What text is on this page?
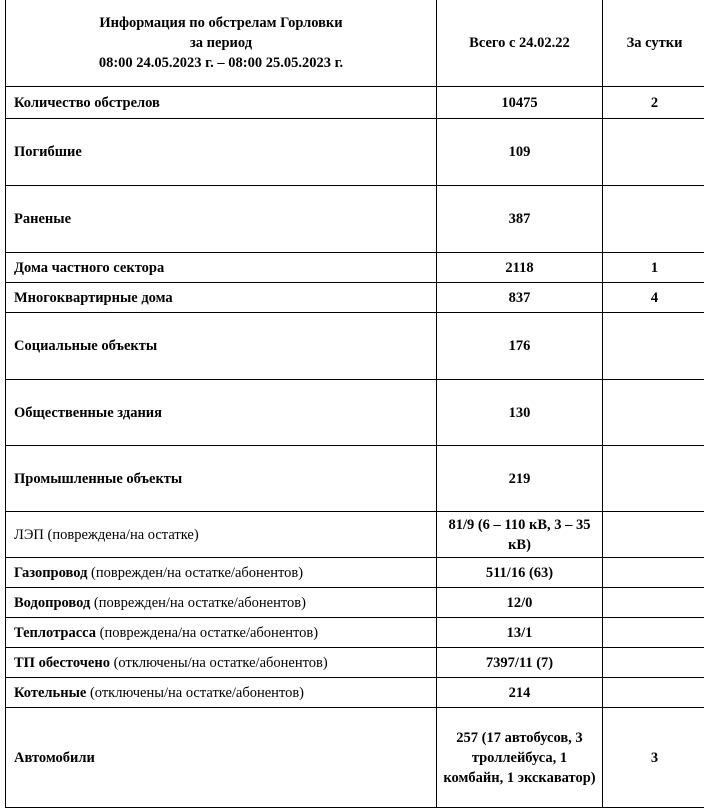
Информация по обстрелам Горловки
за период
08:00 24.05.2023 г. – 08:00 25.05.2023 г.	Всего с 24.02.22	За сутки
Количество обстрелов	10475	2
Погибшие	109	
Раненые	387	
Дома частного сектора	2118	1
Многоквартирные дома	837	4
Социальные объекты	176	
Общественные здания	130	
Промышленные объекты	219	
ЛЭП (повреждена/на остатке)	81/9 (6 – 110 кВ, 3 – 35 кВ)	
Газопровод (поврежден/на остатке/абонентов)	511/16 (63)	
Водопровод (поврежден/на остатке/абонентов)	12/0	
Теплотрасса (повреждена/на остатке/абонентов)	13/1	
ТП обесточено (отключены/на остатке/абонентов)	7397/11 (7)	
Котельные (отключены/на остатке/абонентов)	214	
Автомобили	257 (17 автобусов, 3 троллейбуса, 1 комбайн, 1 экскаватор)	3
